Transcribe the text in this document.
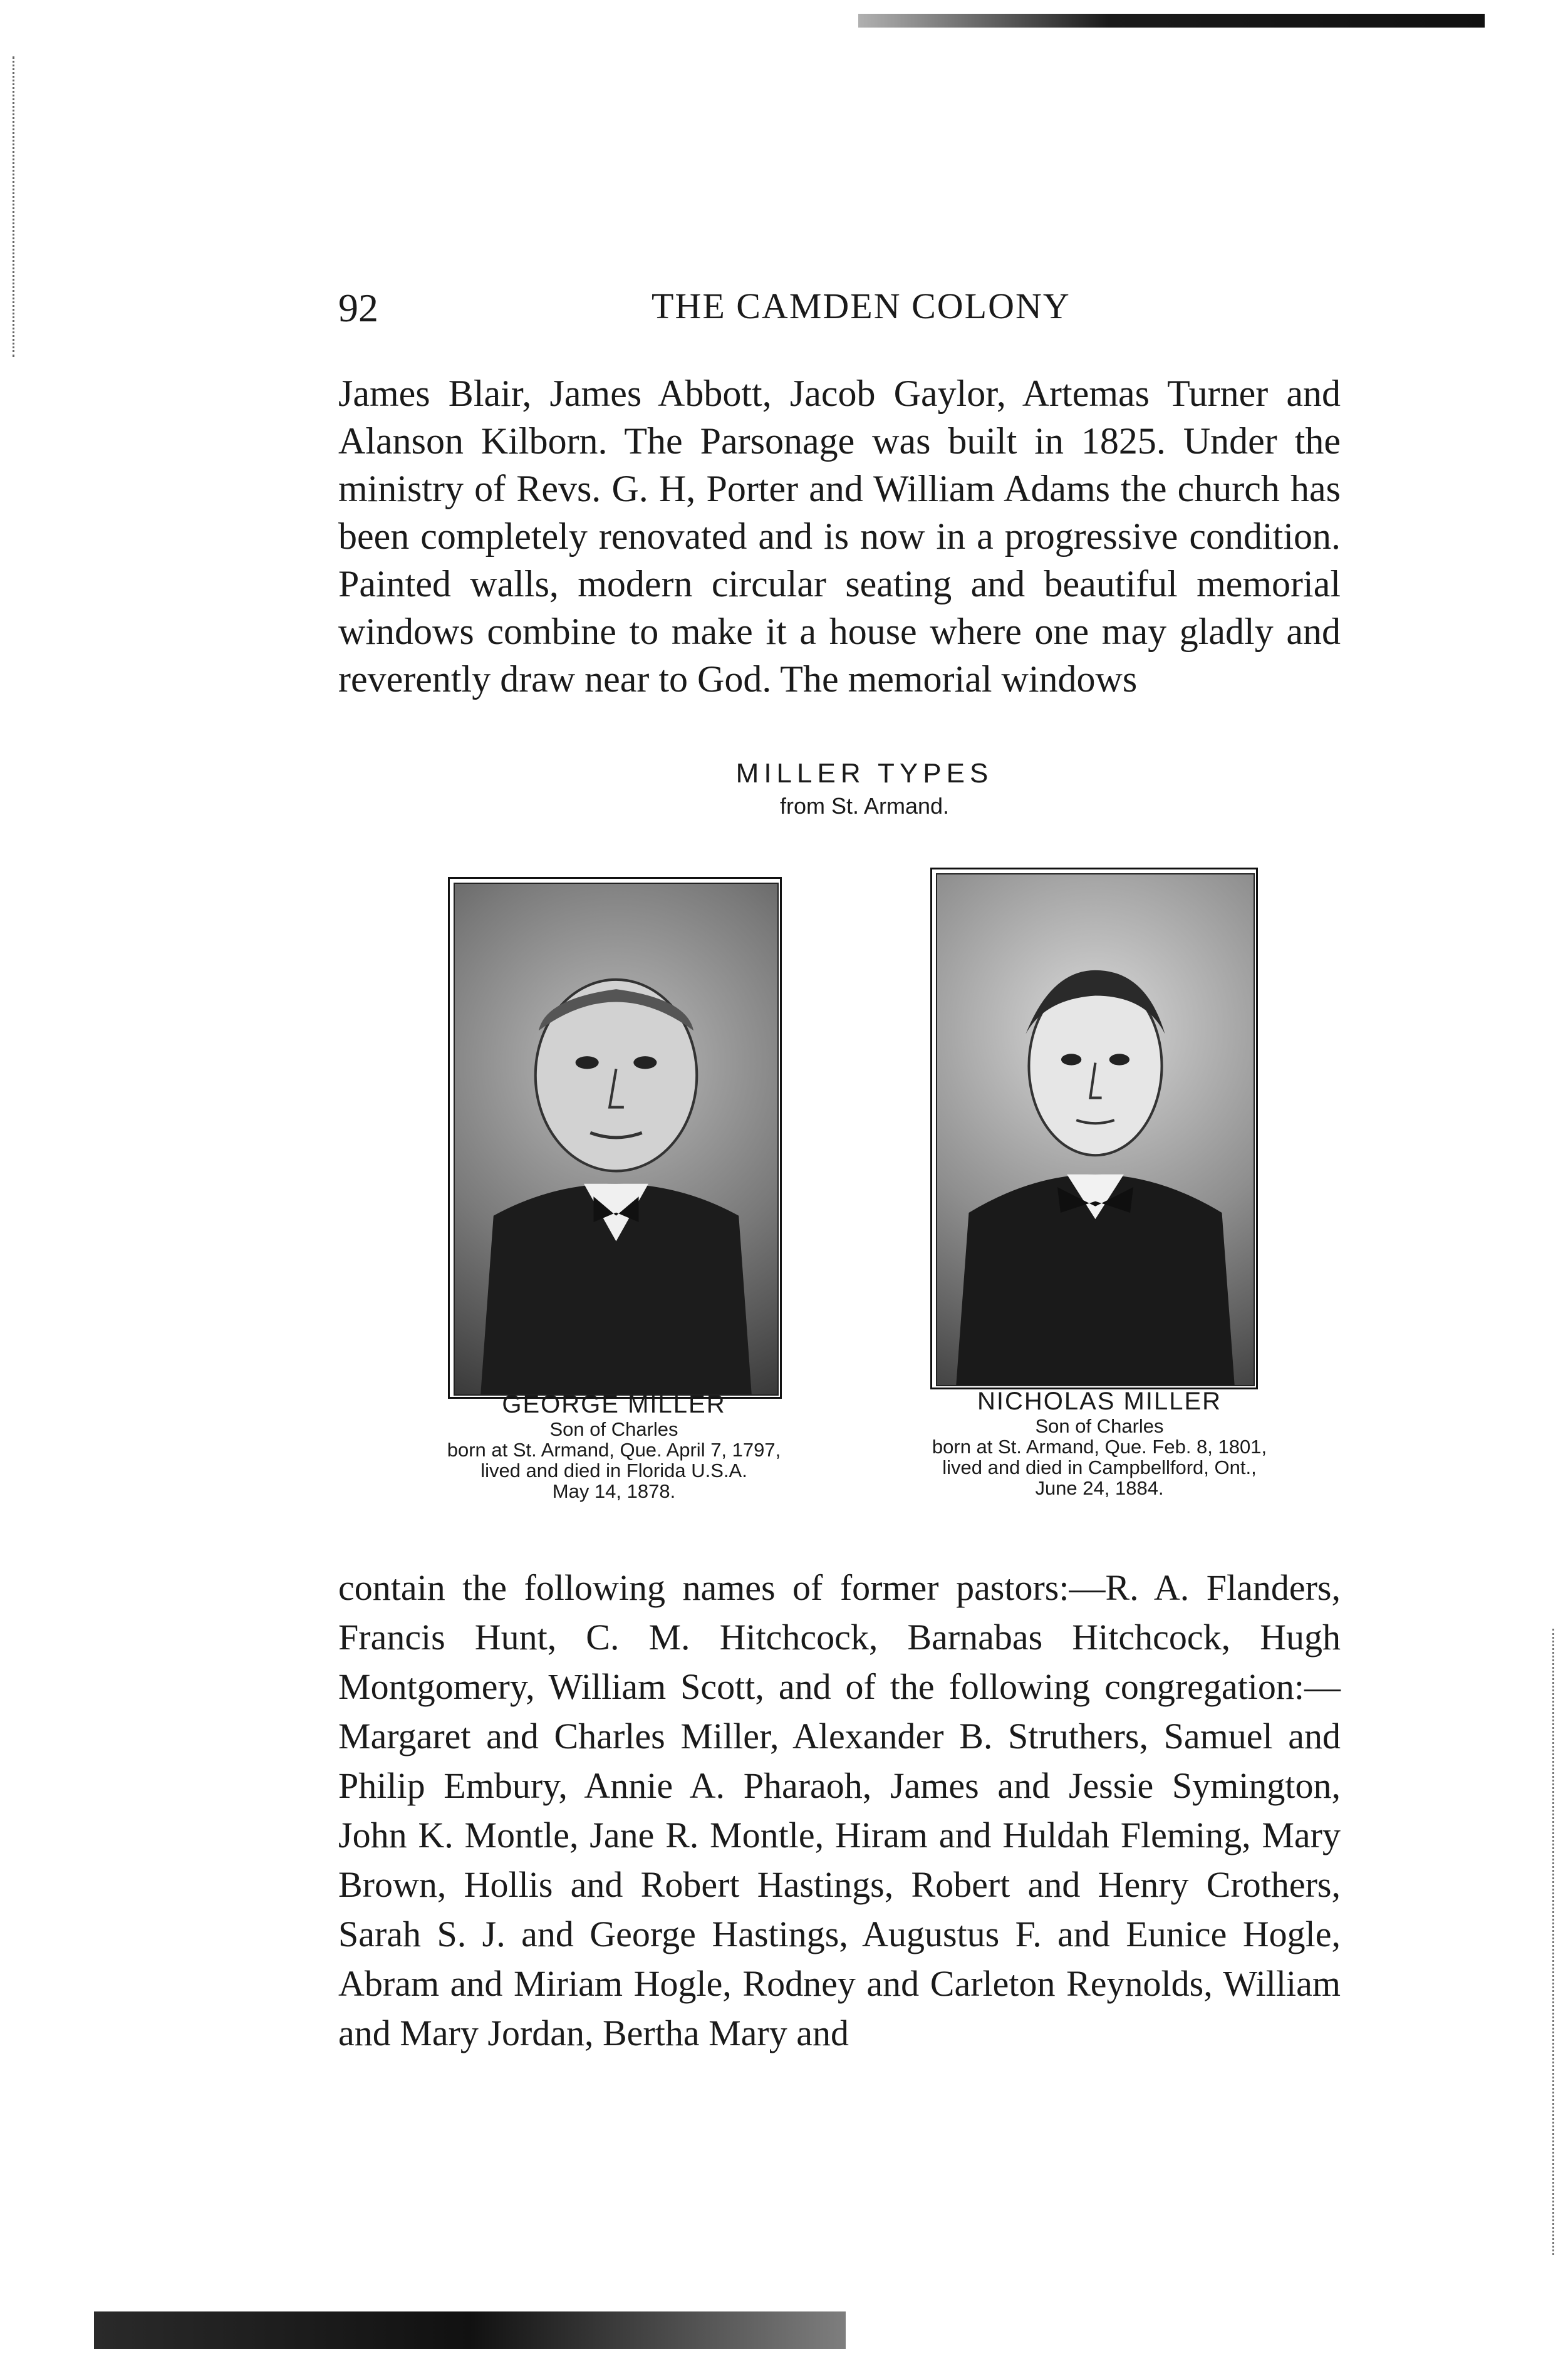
92	THE CAMDEN COLONY

James Blair, James Abbott, Jacob Gaylor, Artemas Turner and Alanson Kilborn. The Parsonage was built in 1825. Under the ministry of Revs. G. H, Porter and William Adams the church has been completely renovated and is now in a progressive condition. Painted walls, modern circular seating and beautiful memorial windows combine to make it a house where one may gladly and reverently draw near to God. The memorial windows

MILLER TYPES
from St. Armand.
GEORGE MILLER
Son of Charles
born at St. Armand, Que. April 7, 1797,
lived and died in Florida U.S.A.
May 14, 1878.
NICHOLAS MILLER
Son of Charles
born at St. Armand, Que. Feb. 8, 1801,
lived and died in Campbellford, Ont.,
June 24, 1884.

contain the following names of former pastors:—R. A. Flanders, Francis Hunt, C. M. Hitchcock, Barnabas Hitchcock, Hugh Montgomery, William Scott, and of the following congregation:—Margaret and Charles Miller, Alexander B. Struthers, Samuel and Philip Embury, Annie A. Pharaoh, James and Jessie Symington, John K. Montle, Jane R. Montle, Hiram and Huldah Fleming, Mary Brown, Hollis and Robert Hastings, Robert and Henry Crothers, Sarah S. J. and George Hastings, Augustus F. and Eunice Hogle, Abram and Miriam Hogle, Rodney and Carleton Reynolds, William and Mary Jordan, Bertha Mary and
